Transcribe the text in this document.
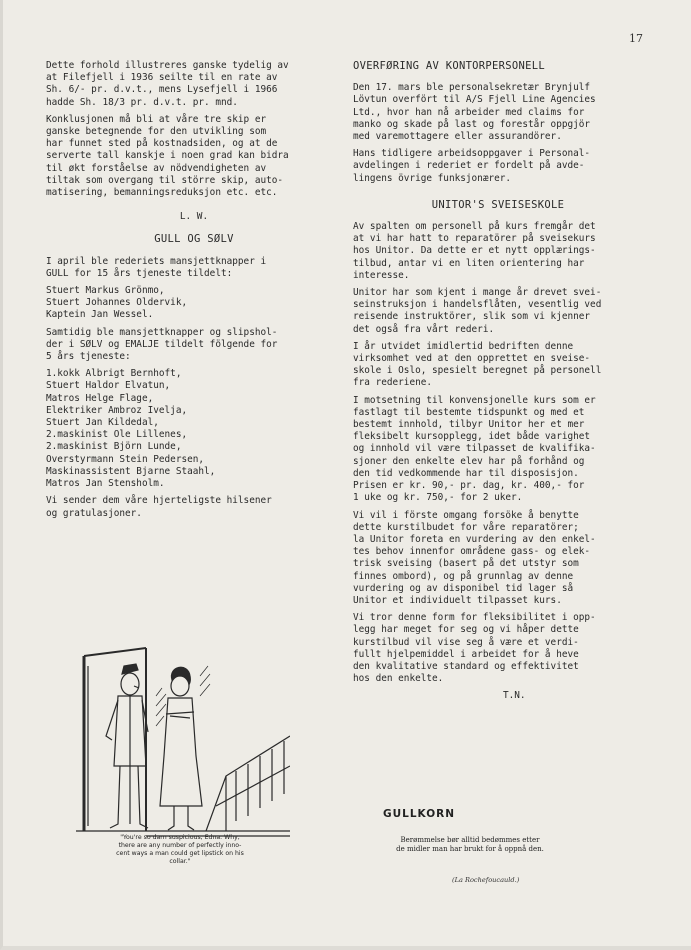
17

Dette forhold illustreres ganske tydelig av
at Filefjell i 1936 seilte til en rate av
Sh. 6/- pr. d.v.t., mens Lysefjell i 1966
hadde Sh. 18/3 pr. d.v.t. pr. mnd.

Konklusjonen må bli at våre tre skip er
ganske betegnende for den utvikling som
har funnet sted på kostnadsiden, og at de
serverte tall kanskje i noen grad kan bidra
til økt forståelse av nödvendigheten av
tiltak som overgang til större skip, auto-
matisering, bemanningsreduksjon etc. etc.

L. W.
GULL OG SØLV

I april ble rederiets mansjettknapper i
GULL for 15 års tjeneste tildelt:

Stuert Markus Grönmo,
Stuert Johannes Oldervik,
Kaptein Jan Wessel.

Samtidig ble mansjettknapper og slipshol-
der i SØLV og EMALJE tildelt fölgende for
5 års tjeneste:

1.kokk Albrigt Bernhoft,
Stuert Haldor Elvatun,
Matros Helge Flage,
Elektriker Ambroz Ivelja,
Stuert Jan Kildedal,
2.maskinist Ole Lillenes,
2.maskinist Björn Lunde,
Overstyrmann Stein Pedersen,
Maskinassistent Bjarne Staahl,
Matros Jan Stensholm.

Vi sender dem våre hjerteligste hilsener
og gratulasjoner.

"You're so darn suspicious, Edna. Why,
there are any number of perfectly inno-
cent ways a man could get lipstick on his
collar."
OVERFØRING AV KONTORPERSONELL

Den 17. mars ble personalsekretær Brynjulf
Lövtun overfört til A/S Fjell Line Agencies
Ltd., hvor han nå arbeider med claims for
manko og skade på last og forestår oppgjör
med varemottagere eller assurandörer.

Hans tidligere arbeidsoppgaver i Personal-
avdelingen i rederiet er fordelt på avde-
lingens övrige funksjonærer.

UNITOR'S SVEISESKOLE

Av spalten om personell på kurs fremgår det
at vi har hatt to reparatörer på sveisekurs
hos Unitor. Da dette er et nytt opplærings-
tilbud, antar vi en liten orientering har
interesse.

Unitor har som kjent i mange år drevet svei-
seinstruksjon i handelsflåten, vesentlig ved
reisende instruktörer, slik som vi kjenner
det også fra vårt rederi.

I år utvidet imidlertid bedriften denne
virksomhet ved at den opprettet en sveise-
skole i Oslo, spesielt beregnet på personell
fra rederiene.

I motsetning til konvensjonelle kurs som er
fastlagt til bestemte tidspunkt og med et
bestemt innhold, tilbyr Unitor her et mer
fleksibelt kursopplegg, idet både varighet
og innhold vil være tilpasset de kvalifika-
sjoner den enkelte elev har på forhånd og
den tid vedkommende har til disposisjon.
Prisen er kr. 90,- pr. dag, kr. 400,- for
1 uke og kr. 750,- for 2 uker.

Vi vil i förste omgang forsöke å benytte
dette kurstilbudet for våre reparatörer;
la Unitor foreta en vurdering av den enkel-
tes behov innenfor områdene gass- og elek-
trisk sveising (basert på det utstyr som
finnes ombord), og på grunnlag av denne
vurdering og av disponibel tid lager så
Unitor et individuelt tilpasset kurs.

Vi tror denne form for fleksibilitet i opp-
legg har meget for seg og vi håper dette
kurstilbud vil vise seg å være et verdi-
fullt hjelpemiddel i arbeidet for å heve
den kvalitative standard og effektivitet
hos den enkelte.

T.N.
GULLKORN
Berømmelse bør alltid bedømmes etter
de midler man har brukt for å oppnå den.
(La Rochefoucauld.)
